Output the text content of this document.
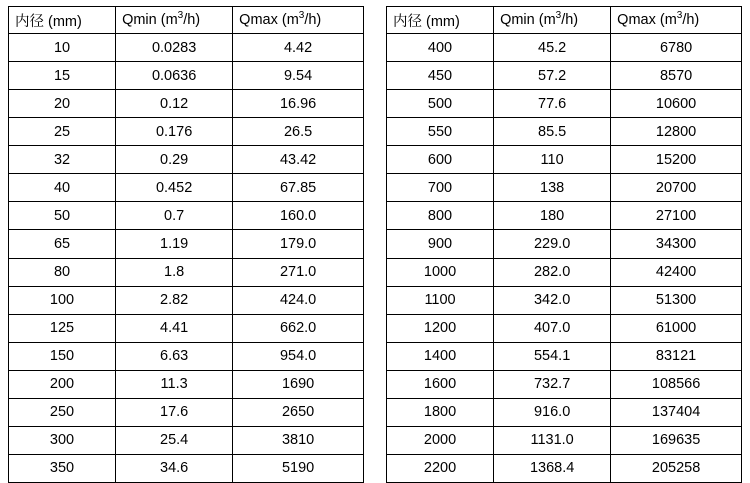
内径 (mm)	Qmin $(m^3/h)$	Qmax $(m^3/h)$
10	0.0283	4.42
15	0.0636	9.54
20	0.12	16.96
25	0.176	26.5
32	0.29	43.42
40	0.452	67.85
50	0.7	160.0
65	1.19	179.0
80	1.8	271.0
100	2.82	424.0
125	4.41	662.0
150	6.63	954.0
200	11.3	1690
250	17.6	2650
300	25.4	3810
350	34.6	5190
内径 (mm)	Qmin $(m^3/h)$	Qmax $(m^3/h)$
400	45.2	6780
450	57.2	8570
500	77.6	10600
550	85.5	12800
600	110	15200
700	138	20700
800	180	27100
900	229.0	34300
1000	282.0	42400
1100	342.0	51300
1200	407.0	61000
1400	554.1	83121
1600	732.7	108566
1800	916.0	137404
2000	1131.0	169635
2200	1368.4	205258
